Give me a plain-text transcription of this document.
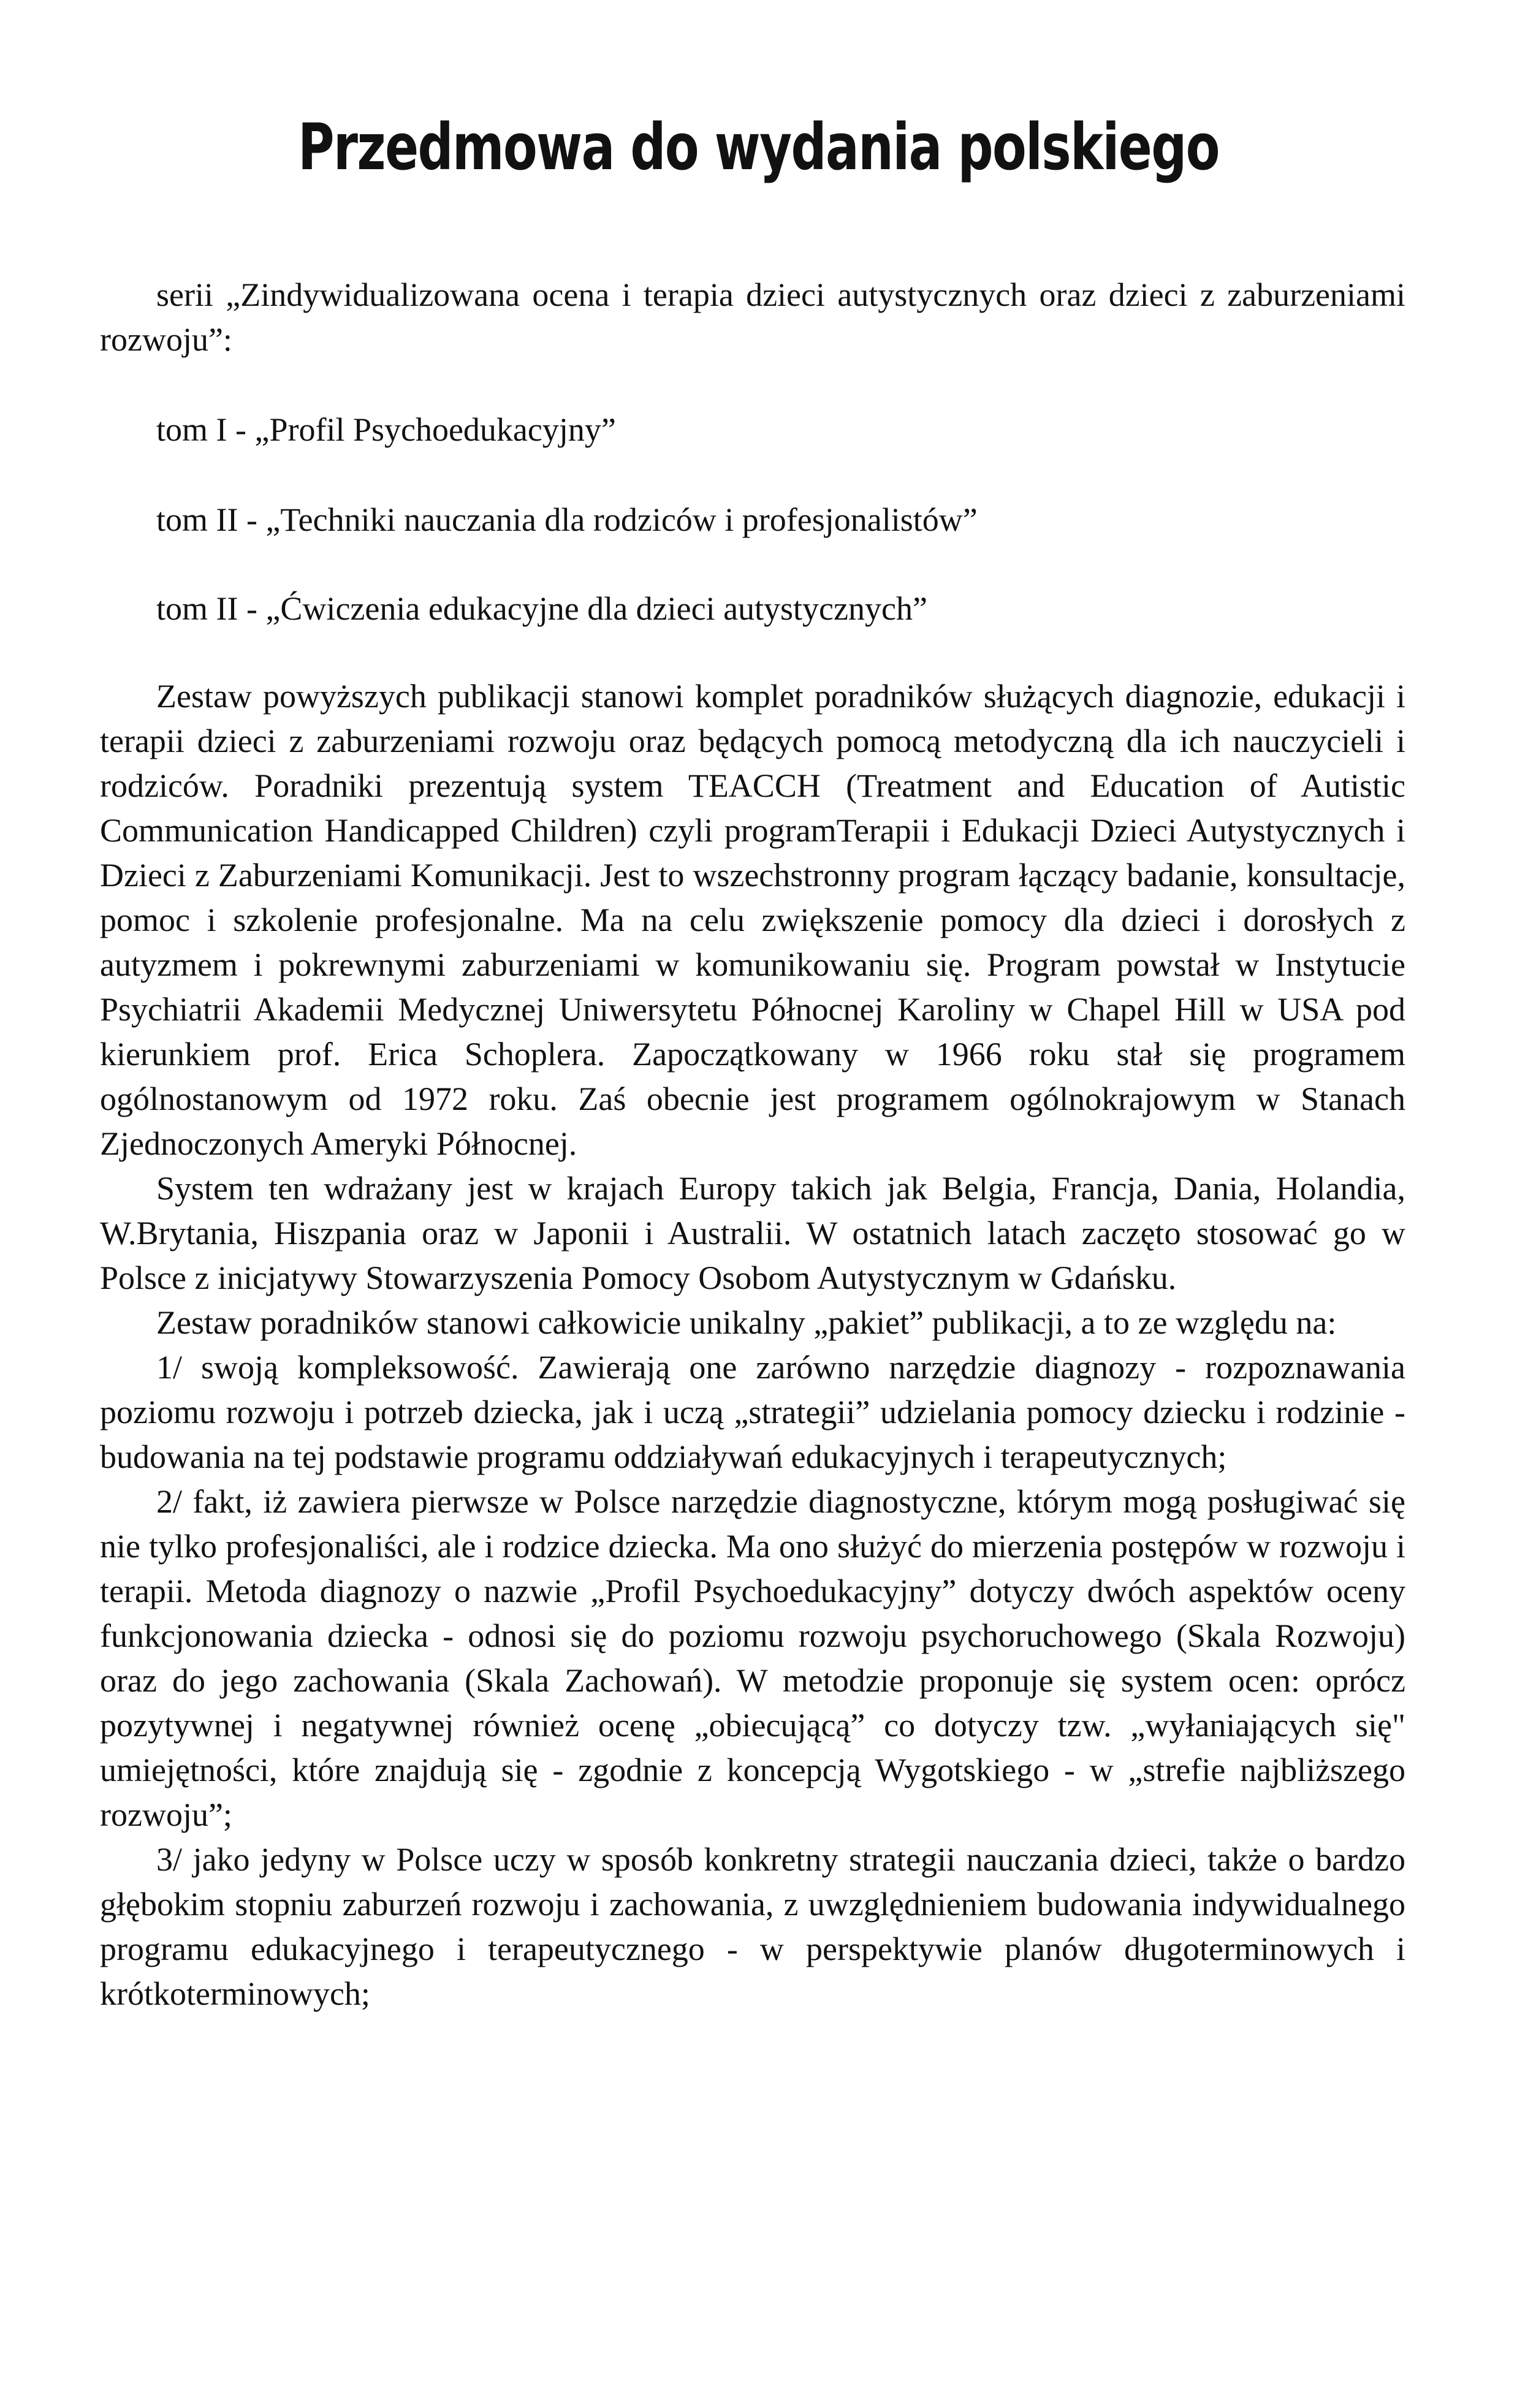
Przedmowa do wydania polskiego

serii „Zindywidualizowana ocena i terapia dzieci autystycznych oraz dzieci z zaburzeniami rozwoju”:

tom I - „Profil Psychoedukacyjny”
tom II - „Techniki nauczania dla rodziców i profesjonalistów”
tom II - „Ćwiczenia edukacyjne dla dzieci autystycznych”

Zestaw powyższych publikacji stanowi komplet poradników służących diagnozie, edukacji i terapii dzieci z zaburzeniami rozwoju oraz będących pomocą metodyczną dla ich nauczycieli i rodziców. Poradniki prezentują system TEACCH (Treatment and Education of Autistic Communication Handicapped Children) czyli programTerapii i Edukacji Dzieci Autystycznych i Dzieci z Zaburzeniami Komunikacji. Jest to wszechstronny program łączący badanie, konsultacje, pomoc i szkolenie profesjonalne. Ma na celu zwiększenie pomocy dla dzieci i dorosłych z autyzmem i pokrewnymi zaburzeniami w komunikowaniu się. Program powstał w Instytucie Psychiatrii Akademii Medycznej Uniwersytetu Północnej Karoliny w Chapel Hill w USA pod kierunkiem prof. Erica Schoplera. Zapoczątkowany w 1966 roku stał się programem ogólnostanowym od 1972 roku. Zaś obecnie jest programem ogólnokrajowym w Stanach Zjednoczonych Ameryki Północnej.

System ten wdrażany jest w krajach Europy takich jak Belgia, Francja, Dania, Holandia, W.Brytania, Hiszpania oraz w Japonii i Australii. W ostatnich latach zaczęto stosować go w Polsce z inicjatywy Stowarzyszenia Pomocy Osobom Autystycznym w Gdańsku.

Zestaw poradników stanowi całkowicie unikalny „pakiet” publikacji, a to ze względu na:

1/ swoją kompleksowość. Zawierają one zarówno narzędzie diagnozy - rozpoznawania poziomu rozwoju i potrzeb dziecka, jak i uczą „strategii” udzielania pomocy dziecku i rodzinie - budowania na tej podstawie programu oddziaływań edukacyjnych i terapeutycznych;

2/ fakt, iż zawiera pierwsze w Polsce narzędzie diagnostyczne, którym mogą posługiwać się nie tylko profesjonaliści, ale i rodzice dziecka. Ma ono służyć do mierzenia postępów w rozwoju i terapii. Metoda diagnozy o nazwie „Profil Psychoedukacyjny” dotyczy dwóch aspektów oceny funkcjonowania dziecka - odnosi się do poziomu rozwoju psychoruchowego (Skala Rozwoju) oraz do jego zachowania (Skala Zachowań). W metodzie proponuje się system ocen: oprócz pozytywnej i negatywnej również ocenę „obiecującą” co dotyczy tzw. „wyłaniających się" umiejętności, które znajdują się - zgodnie z koncepcją Wygotskiego - w „strefie najbliższego rozwoju”;

3/ jako jedyny w Polsce uczy w sposób konkretny strategii nauczania dzieci, także o bardzo głębokim stopniu zaburzeń rozwoju i zachowania, z uwzględnieniem budowania indywidualnego programu edukacyjnego i terapeutycznego - w perspektywie planów długoterminowych i krótkoterminowych;
